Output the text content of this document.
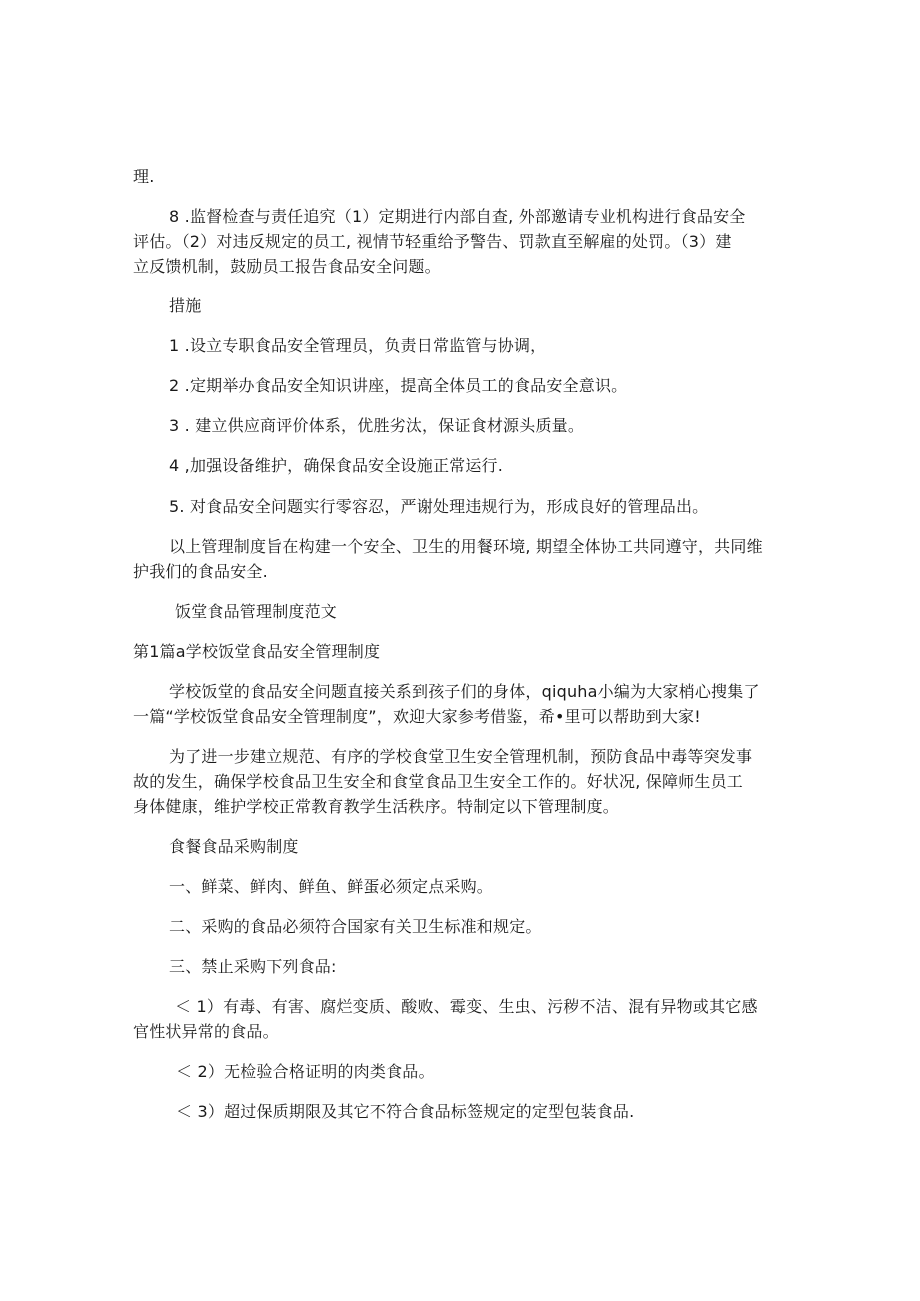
理.
8 .监督检查与责任追究（1）定期进行内部自查, 外部邀请专业机构进行食品安全
评估。（2）对违反规定的员工, 视情节轻重给予警告、罚款直至解雇的处罚。（3）建
立反馈机制，鼓励员工报告食品安全问题。
措施
1 .设立专职食品安全管理员，负责日常监管与协调，
2 .定期举办食品安全知识讲座，提高全体员工的食品安全意识。
3 . 建立供应商评价体系，优胜劣汰，保证食材源头质量。
4 ,加强设备维护，确保食品安全设施正常运行.
5. 对食品安全问题实行零容忍，严谢处理违规行为，形成良好的管理品出。
以上管理制度旨在构建一个安全、卫生的用餐环境, 期望全体协工共同遵守，共同维
护我们的食品安全.
饭堂食品管理制度范文
第1篇a学校饭堂食品安全管理制度
学校饭堂的食品安全问题直接关系到孩子们的身体，qiquha小编为大家梢心搜集了
一篇“学校饭堂食品安全管理制度”，欢迎大家参考借鉴，希•里可以帮助到大家!
为了进一步建立规范、有序的学校食堂卫生安全管理机制，预防食品中毒等突发事
故的发生，确保学校食品卫生安全和食堂食品卫生安全工作的。好状况, 保障师生员工
身体健康，维护学校正常教育教学生活秩序。特制定以下管理制度。
食餐食品采购制度
一、鲜菜、鲜肉、鲜鱼、鲜蛋必须定点采购。
二、采购的食品必须符合国家有关卫生标准和规定。
三、禁止采购下列食品:
＜ 1）有毒、有害、腐烂变质、酸败、霉变、生虫、污秽不洁、混有异物或其它感
官性状异常的食品。
＜ 2）无检验合格证明的肉类食品。
＜ 3）超过保质期限及其它不符合食品标签规定的定型包装食品.
